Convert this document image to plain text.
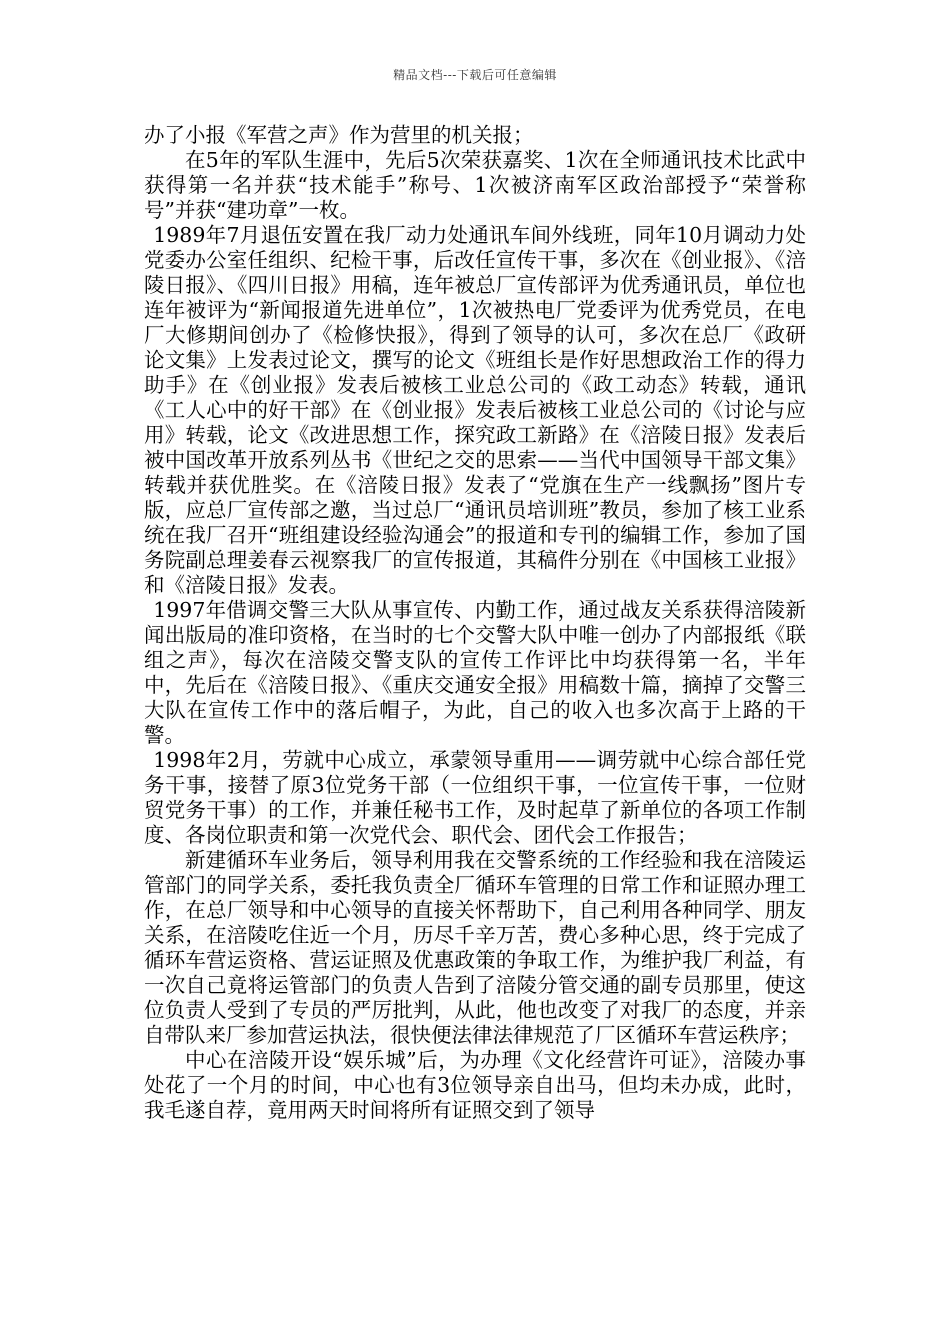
精品文档---下载后可任意编辑

办了小报《军营之声》作为营里的机关报；

在5年的军队生涯中，先后5次荣获嘉奖、1次在全师通讯技术比武中获得第一名并获“技术能手”称号、1次被济南军区政治部授予“荣誉称号”并获“建功章”一枚。

1989年7月退伍安置在我厂动力处通讯车间外线班，同年10月调动力处党委办公室任组织、纪检干事，后改任宣传干事，多次在《创业报》、《涪陵日报》、《四川日报》用稿，连年被总厂宣传部评为优秀通讯员，单位也连年被评为“新闻报道先进单位”，1次被热电厂党委评为优秀党员，在电厂大修期间创办了《检修快报》，得到了领导的认可，多次在总厂《政研论文集》上发表过论文，撰写的论文《班组长是作好思想政治工作的得力助手》在《创业报》发表后被核工业总公司的《政工动态》转载，通讯《工人心中的好干部》在《创业报》发表后被核工业总公司的《讨论与应用》转载，论文《改进思想工作，探究政工新路》在《涪陵日报》发表后被中国改革开放系列丛书《世纪之交的思索——当代中国领导干部文集》转载并获优胜奖。在《涪陵日报》发表了“党旗在生产一线飘扬”图片专版，应总厂宣传部之邀，当过总厂“通讯员培训班”教员，参加了核工业系统在我厂召开“班组建设经验沟通会”的报道和专刊的编辑工作，参加了国务院副总理姜春云视察我厂的宣传报道，其稿件分别在《中国核工业报》和《涪陵日报》发表。

1997年借调交警三大队从事宣传、内勤工作，通过战友关系获得涪陵新闻出版局的准印资格，在当时的七个交警大队中唯一创办了内部报纸《联组之声》，每次在涪陵交警支队的宣传工作评比中均获得第一名，半年中，先后在《涪陵日报》、《重庆交通安全报》用稿数十篇，摘掉了交警三大队在宣传工作中的落后帽子，为此，自己的收入也多次高于上路的干警。

1998年2月，劳就中心成立，承蒙领导重用——调劳就中心综合部任党务干事，接替了原3位党务干部（一位组织干事，一位宣传干事，一位财贸党务干事）的工作，并兼任秘书工作，及时起草了新单位的各项工作制度、各岗位职责和第一次党代会、职代会、团代会工作报告；

新建循环车业务后，领导利用我在交警系统的工作经验和我在涪陵运管部门的同学关系，委托我负责全厂循环车管理的日常工作和证照办理工作，在总厂领导和中心领导的直接关怀帮助下，自己利用各种同学、朋友关系，在涪陵吃住近一个月，历尽千辛万苦，费心多种心思，终于完成了循环车营运资格、营运证照及优惠政策的争取工作，为维护我厂利益，有一次自己竟将运管部门的负责人告到了涪陵分管交通的副专员那里，使这位负责人受到了专员的严厉批判，从此，他也改变了对我厂的态度，并亲自带队来厂参加营运执法，很快便法律法律规范了厂区循环车营运秩序；

中心在涪陵开设“娱乐城”后，为办理《文化经营许可证》，涪陵办事处花了一个月的时间，中心也有3位领导亲自出马，但均未办成，此时，我毛遂自荐，竟用两天时间将所有证照交到了领导
